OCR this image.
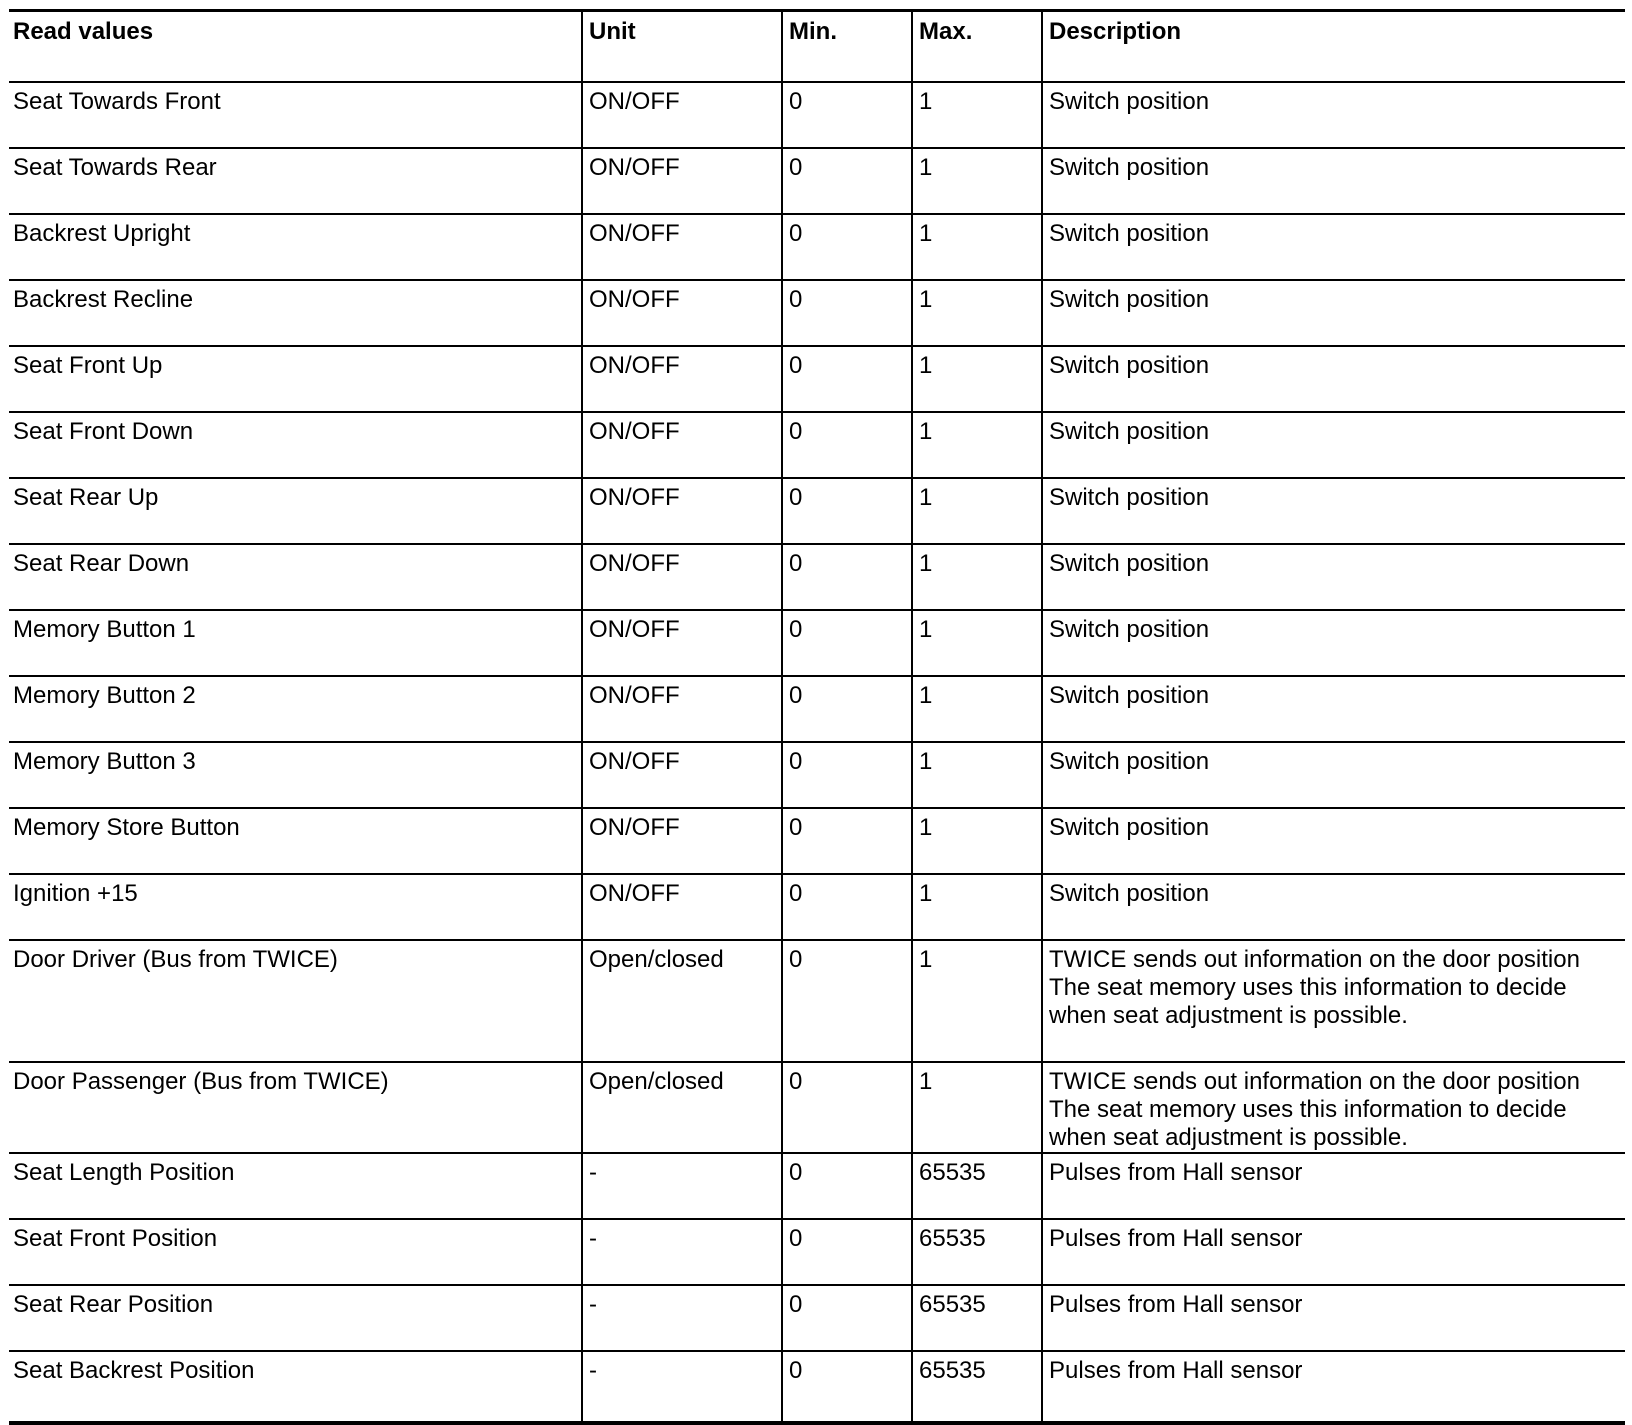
Read values	Unit	Min.	Max.	Description
Seat Towards Front	ON/OFF	0	1	Switch position

Seat Towards Rear	ON/OFF	0	1	Switch position

Backrest Upright	ON/OFF	0	1	Switch position

Backrest Recline	ON/OFF	0	1	Switch position

Seat Front Up	ON/OFF	0	1	Switch position

Seat Front Down	ON/OFF	0	1	Switch position

Seat Rear Up	ON/OFF	0	1	Switch position

Seat Rear Down	ON/OFF	0	1	Switch position

Memory Button 1	ON/OFF	0	1	Switch position

Memory Button 2	ON/OFF	0	1	Switch position

Memory Button 3	ON/OFF	0	1	Switch position

Memory Store Button	ON/OFF	0	1	Switch position

Ignition +15	ON/OFF	0	1	Switch position

Door Driver (Bus from TWICE)	Open/closed	0	1	TWICE sends out information on the door position
The seat memory uses this information to decide
when seat adjustment is possible.

Door Passenger (Bus from TWICE)	Open/closed	0	1	TWICE sends out information on the door position
The seat memory uses this information to decide
when seat adjustment is possible.

Seat Length Position	-	0	65535	Pulses from Hall sensor

Seat Front Position	-	0	65535	Pulses from Hall sensor

Seat Rear Position	-	0	65535	Pulses from Hall sensor

Seat Backrest Position	-	0	65535	Pulses from Hall sensor
